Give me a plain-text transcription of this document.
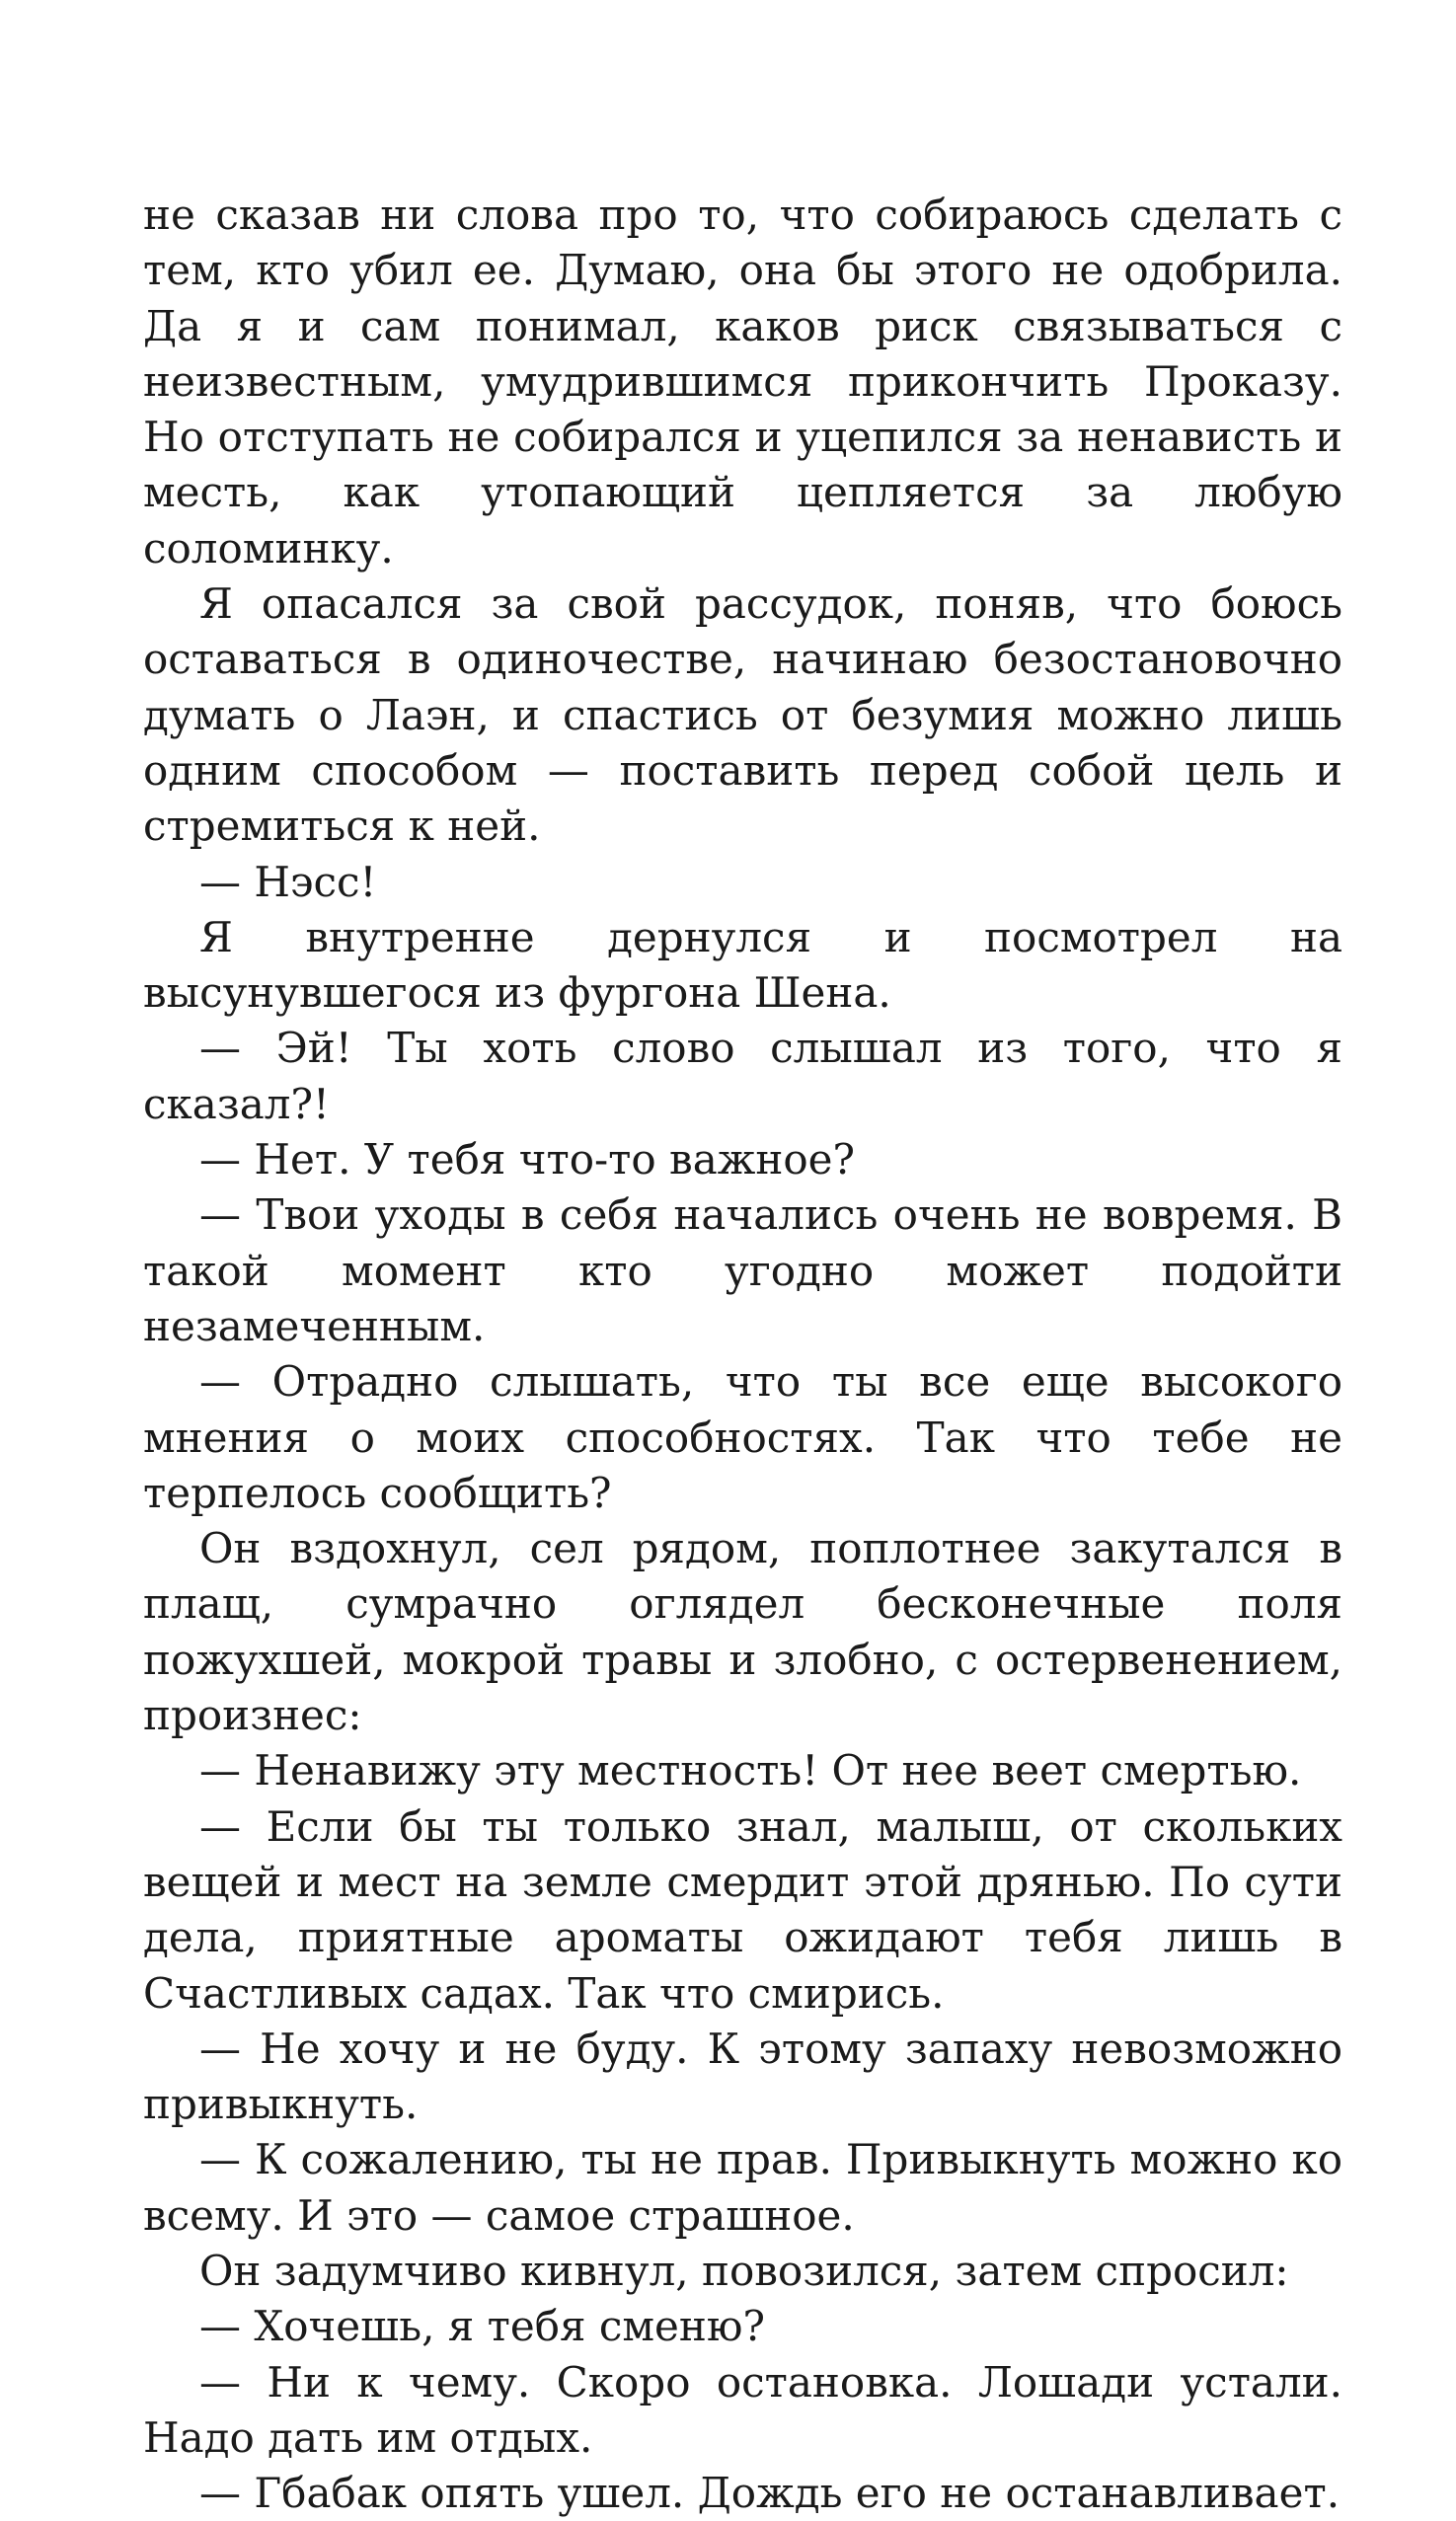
не сказав ни слова про то, что собираюсь сделать с тем, кто убил ее. Думаю, она бы этого не одобрила. Да я и сам понимал, каков риск связываться с неизвестным, умудрившимся прикончить Проказу. Но отступать не собирался и уцепился за ненависть и месть, как утопающий цепляется за любую соломинку.

Я опасался за свой рассудок, поняв, что боюсь оставаться в одиночестве, начинаю безостановочно думать о Лаэн, и спастись от безумия можно лишь одним способом — поставить перед собой цель и стремиться к ней.

— Нэсс!

Я внутренне дернулся и посмотрел на высунувшегося из фургона Шена.

— Эй! Ты хоть слово слышал из того, что я сказал?!

— Нет. У тебя что-то важное?

— Твои уходы в себя начались очень не вовремя. В такой момент кто угодно может подойти незамеченным.

— Отрадно слышать, что ты все еще высокого мнения о моих способностях. Так что тебе не терпелось сообщить?

Он вздохнул, сел рядом, поплотнее закутался в плащ, сумрачно оглядел бесконечные поля пожухшей, мокрой травы и злобно, с остервенением, произнес:

— Ненавижу эту местность! От нее веет смертью.

— Если бы ты только знал, малыш, от скольких вещей и мест на земле смердит этой дрянью. По сути дела, приятные ароматы ожидают тебя лишь в Счастливых садах. Так что смирись.

— Не хочу и не буду. К этому запаху невозможно привыкнуть.

— К сожалению, ты не прав. Привыкнуть можно ко всему. И это — самое страшное.

Он задумчиво кивнул, повозился, затем спросил:

— Хочешь, я тебя сменю?

— Ни к чему. Скоро остановка. Лошади устали. Надо дать им отдых.

— Гбабак опять ушел. Дождь его не останавливает.
